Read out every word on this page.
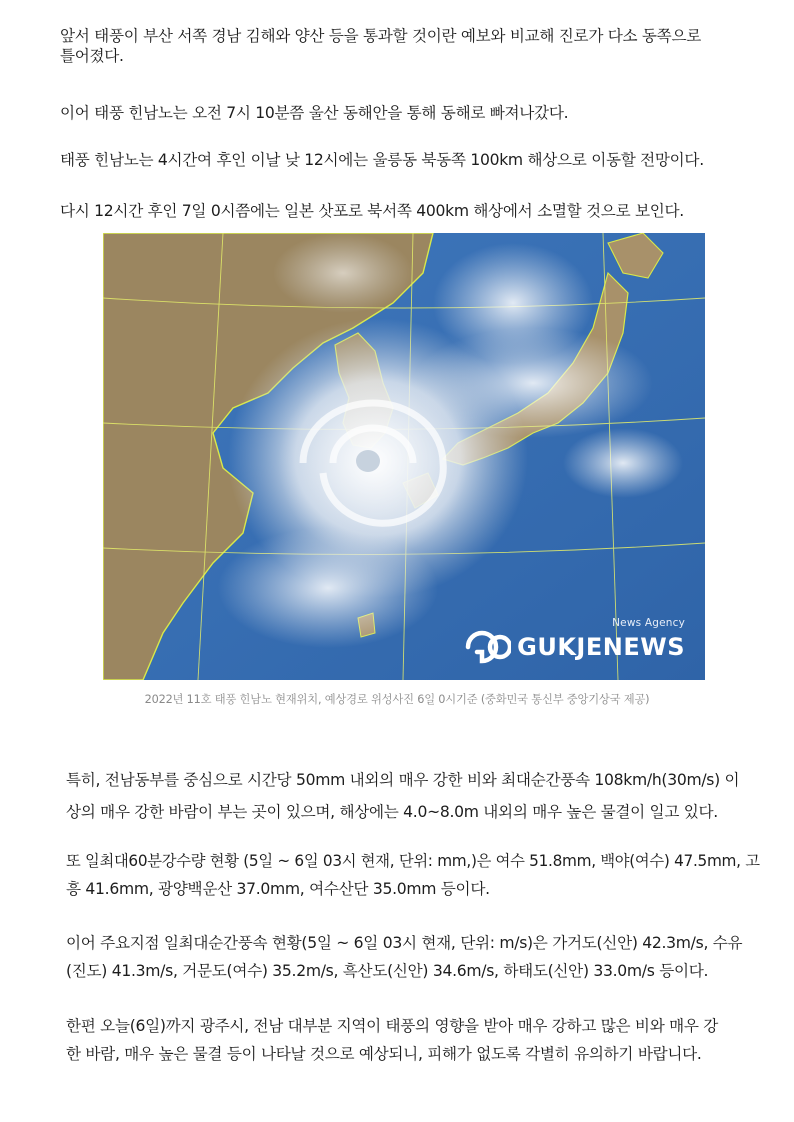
앞서 태풍이 부산 서쪽 경남 김해와 양산 등을 통과할 것이란 예보와 비교해 진로가 다소 동쪽으로

틀어졌다.

이어 태풍 힌남노는 오전 7시 10분쯤 울산 동해안을 통해 동해로 빠져나갔다.

태풍 힌남노는 4시간여 후인 이날 낮 12시에는 울릉동 북동쪽 100km 해상으로 이동할 전망이다.

다시 12시간 후인 7일 0시쯤에는 일본 삿포로 북서쪽 400km 해상에서 소멸할 것으로 보인다.

News Agency
GUKJENEWS
2022년 11호 태풍 힌남노 현재위치, 예상경로 위성사진 6일 0시기준 (중화민국 통신부 중앙기상국 제공)

특히, 전남동부를 중심으로 시간당 50mm 내외의 매우 강한 비와 최대순간풍속 108km/h(30m/s) 이

상의 매우 강한 바람이 부는 곳이 있으며, 해상에는 4.0~8.0m 내외의 매우 높은 물결이 일고 있다.

또 일최대60분강수량 현황 (5일 ~ 6일 03시 현재, 단위: mm,)은 여수 51.8mm, 백야(여수) 47.5mm, 고

흥 41.6mm, 광양백운산 37.0mm, 여수산단 35.0mm 등이다.

이어 주요지점 일최대순간풍속 현황(5일 ~ 6일 03시 현재, 단위: m/s)은 가거도(신안) 42.3m/s, 수유

(진도) 41.3m/s, 거문도(여수) 35.2m/s, 흑산도(신안) 34.6m/s, 하태도(신안) 33.0m/s 등이다.

한편 오늘(6일)까지 광주시, 전남 대부분 지역이 태풍의 영향을 받아 매우 강하고 많은 비와 매우 강

한 바람, 매우 높은 물결 등이 나타날 것으로 예상되니, 피해가 없도록 각별히 유의하기 바랍니다.
